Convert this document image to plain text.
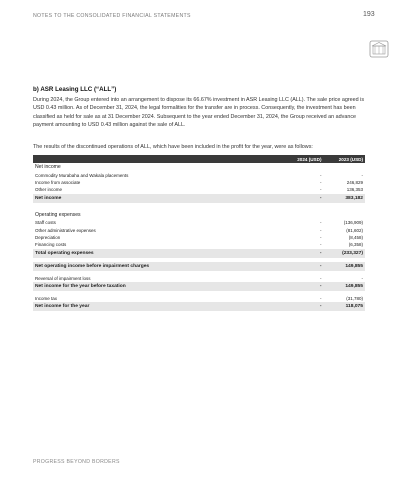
NOTES TO THE CONSOLIDATED FINANCIAL STATEMENTS	193
b) ASR Leasing LLC (“ALL”)
During 2024, the Group entered into an arrangement to dispose its 66.67% investment in ASR Leasing LLC (ALL). The sale price agreed is USD 0.43 million. As of December 31, 2024, the legal formalities for the transfer are in process. Consequently, the investment has been classified as held for sale as at 31 December 2024. Subsequent to the year ended December 31, 2024, the Group received an advance payment amounting to USD 0.43 million against the sale of ALL.
The results of the discontinued operations of ALL, which have been included in the profit for the year, were as follows:
2024 (USD)	2023 (USD)
Net income
Commodity Murabaha and Wakala placements	-	-
Income from associate	-	246,829
Other income	-	136,353
Net income	-	383,182
Operating expenses
Staff costs	-	(136,909)
Other administrative expenses	-	(81,602)
Depreciation	-	(8,458)
Financing costs	-	(6,358)
Total operating expenses	-	(233,327)
Net operating income before impairment charges	-	149,855
Reversal of impairment loss	-	-
Net income for the year before taxation	-	149,855
Income tax	-	(31,780)
Net income for the year	-	118,075
PROGRESS BEYOND BORDERS
